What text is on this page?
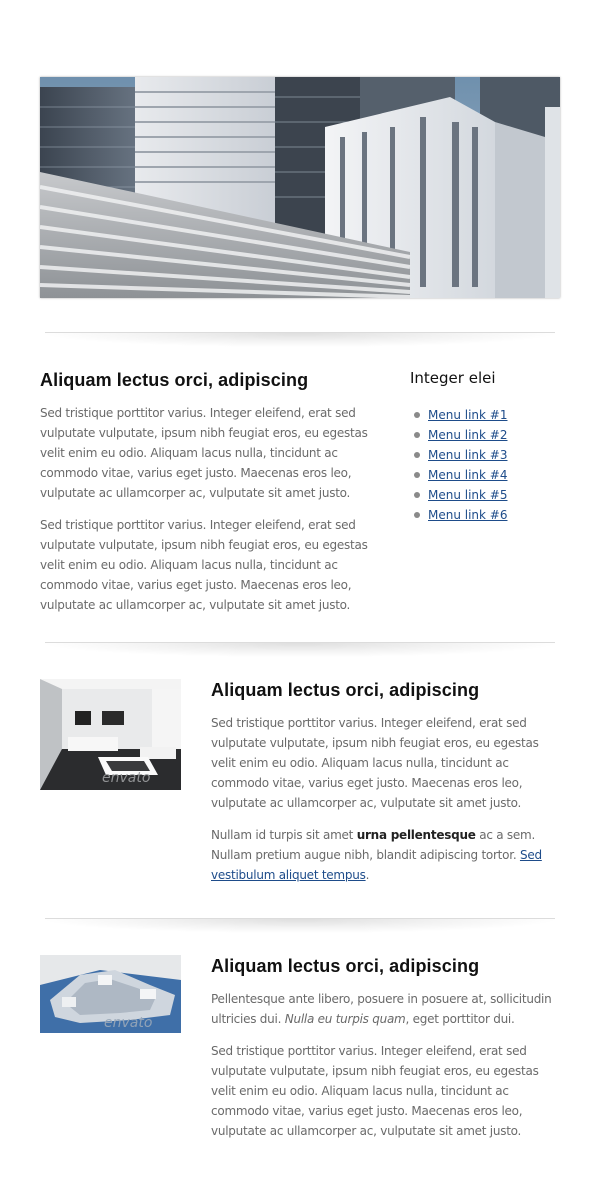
Aliquam lectus orci, adipiscing

Sed tristique porttitor varius. Integer eleifend, erat sed vulputate vulputate, ipsum nibh feugiat eros, eu egestas velit enim eu odio. Aliquam lacus nulla, tincidunt ac commodo vitae, varius eget justo. Maecenas eros leo, vulputate ac ullamcorper ac, vulputate sit amet justo.

Sed tristique porttitor varius. Integer eleifend, erat sed vulputate vulputate, ipsum nibh feugiat eros, eu egestas velit enim eu odio. Aliquam lacus nulla, tincidunt ac commodo vitae, varius eget justo. Maecenas eros leo, vulputate ac ullamcorper ac, vulputate sit amet justo.

Integer elei
Menu link #1
Menu link #2
Menu link #3
Menu link #4
Menu link #5
Menu link #6
envato
Aliquam lectus orci, adipiscing

Sed tristique porttitor varius. Integer eleifend, erat sed vulputate vulputate, ipsum nibh feugiat eros, eu egestas velit enim eu odio. Aliquam lacus nulla, tincidunt ac commodo vitae, varius eget justo. Maecenas eros leo, vulputate ac ullamcorper ac, vulputate sit amet justo.

Nullam id turpis sit amet urna pellentesque ac a sem. Nullam pretium augue nibh, blandit adipiscing tortor. Sed vestibulum aliquet tempus.

envato
Aliquam lectus orci, adipiscing

Pellentesque ante libero, posuere in posuere at, sollicitudin ultricies dui. Nulla eu turpis quam, eget porttitor dui.

Sed tristique porttitor varius. Integer eleifend, erat sed vulputate vulputate, ipsum nibh feugiat eros, eu egestas velit enim eu odio. Aliquam lacus nulla, tincidunt ac commodo vitae, varius eget justo. Maecenas eros leo, vulputate ac ullamcorper ac, vulputate sit amet justo.
